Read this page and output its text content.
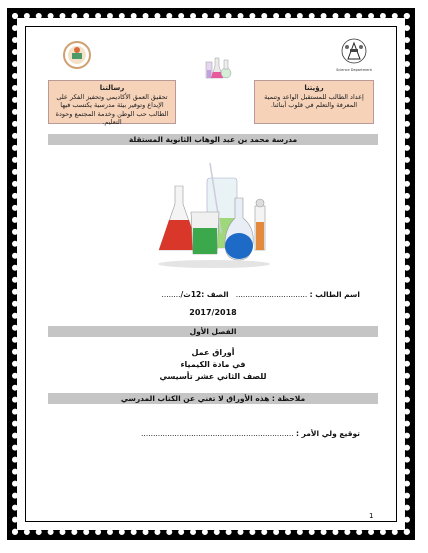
Science Department
رؤيتنا
إعداد الطالب للمستقبل الواعد وتنمية المعرفة والتعلم في قلوب أبنائنا.
رسالتنا
تحقيق العمق الأكاديمي وتحفيز الفكر على الإبداع وتوفير بيئة مدرسية يكتسب فيها الطالب حب الوطن وخدمة المجتمع وحودة التعليم.
مدرسة محمد بن عبد الوهاب الثانوية المستقلة
اسم الطالب : ..............................   الصف :12ث/........
2017/2018
الفصل الأول
أوراق عمل
في مادة الكيمياء
للصف الثاني عشر تأسيسي
ملاحظة : هذه الأوراق لا تغني عن الكتاب المدرسي
توقيع ولي الأمر : ................................................................
1
